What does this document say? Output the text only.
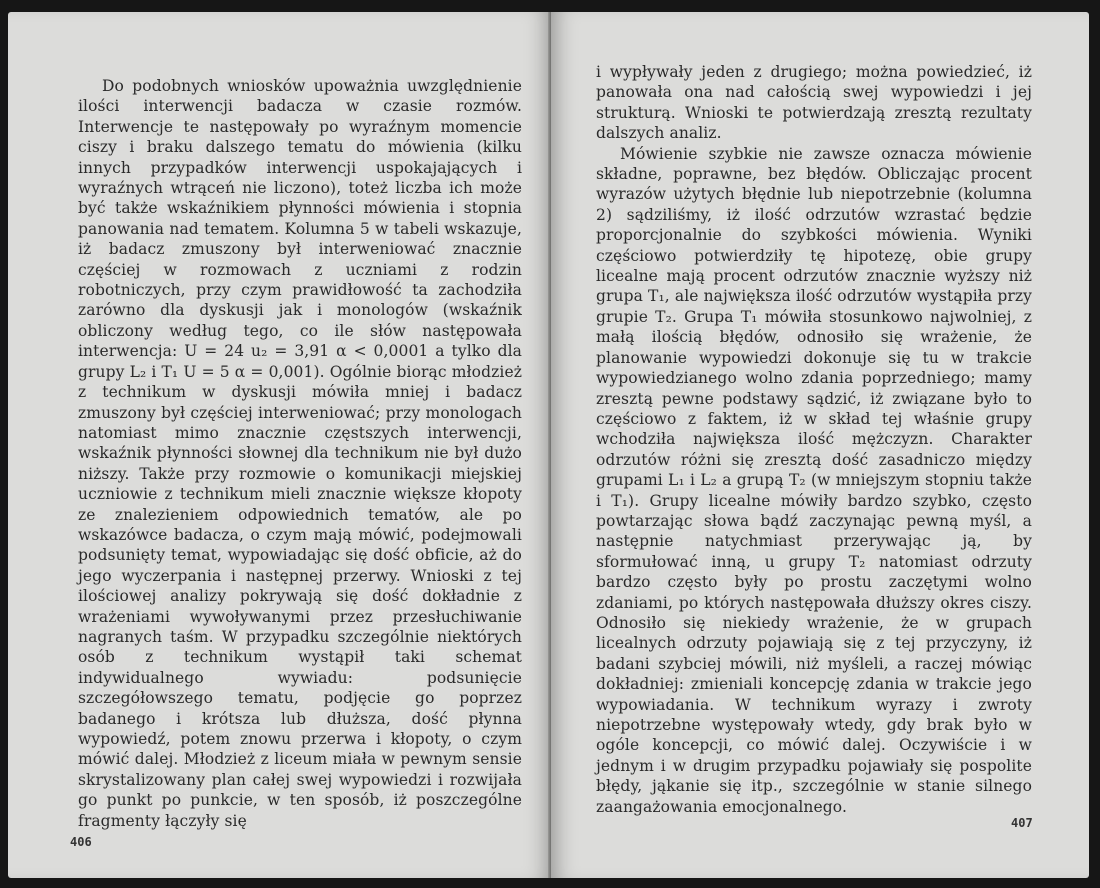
Do podobnych wniosków upoważnia uwzględnienie ilości interwencji badacza w czasie rozmów. Interwencje te następowały po wyraźnym momencie ciszy i braku dalszego tematu do mówienia (kilku innych przypadków interwencji uspokajających i wyraźnych wtrąceń nie liczono), toteż liczba ich może być także wskaźnikiem płynności mówienia i stopnia panowania nad tematem. Kolumna 5 w tabeli wskazuje, iż badacz zmuszony był interweniować znacznie częściej w rozmowach z uczniami z rodzin robotniczych, przy czym prawidłowość ta zachodziła zarówno dla dyskusji jak i monologów (wskaźnik obliczony według tego, co ile słów następowała interwencja: U = 24 u₂ = 3,91 α < 0,0001 a tylko dla grupy L₂ i T₁ U = 5 α = 0,001). Ogólnie biorąc młodzież z technikum w dyskusji mówiła mniej i badacz zmuszony był częściej interweniować; przy monologach natomiast mimo znacznie częstszych interwencji, wskaźnik płynności słownej dla technikum nie był dużo niższy. Także przy rozmowie o komunikacji miejskiej uczniowie z technikum mieli znacznie większe kłopoty ze znalezieniem odpowiednich tematów, ale po wskazówce badacza, o czym mają mówić, podejmowali podsunięty temat, wypowiadając się dość obficie, aż do jego wyczerpania i następnej przerwy. Wnioski z tej ilościowej analizy pokrywają się dość dokładnie z wrażeniami wywoływanymi przez przesłuchiwanie nagranych taśm. W przypadku szczególnie niektórych osób z technikum wystąpił taki schemat indywidualnego wywiadu: podsunięcie szczegółowszego tematu, podjęcie go poprzez badanego i krótsza lub dłuższa, dość płynna wypowiedź, potem znowu przerwa i kłopoty, o czym mówić dalej. Młodzież z liceum miała w pewnym sensie skrystalizowany plan całej swej wypowiedzi i rozwijała go punkt po punkcie, w ten sposób, iż poszczególne fragmenty łączyły się

406

i wypływały jeden z drugiego; można powiedzieć, iż panowała ona nad całością swej wypowiedzi i jej strukturą. Wnioski te potwierdzają zresztą rezultaty dalszych analiz.

Mówienie szybkie nie zawsze oznacza mówienie składne, poprawne, bez błędów. Obliczając procent wyrazów użytych błędnie lub niepotrzebnie (kolumna 2) sądziliśmy, iż ilość odrzutów wzrastać będzie proporcjonalnie do szybkości mówienia. Wyniki częściowo potwierdziły tę hipotezę, obie grupy licealne mają procent odrzutów znacznie wyższy niż grupa T₁, ale największa ilość odrzutów wystąpiła przy grupie T₂. Grupa T₁ mówiła stosunkowo najwolniej, z małą ilością błędów, odnosiło się wrażenie, że planowanie wypowiedzi dokonuje się tu w trakcie wypowiedzianego wolno zdania poprzedniego; mamy zresztą pewne podstawy sądzić, iż związane było to częściowo z faktem, iż w skład tej właśnie grupy wchodziła największa ilość mężczyzn. Charakter odrzutów różni się zresztą dość zasadniczo między grupami L₁ i L₂ a grupą T₂ (w mniejszym stopniu także i T₁). Grupy licealne mówiły bardzo szybko, często powtarzając słowa bądź zaczynając pewną myśl, a następnie natychmiast przerywając ją, by sformułować inną, u grupy T₂ natomiast odrzuty bardzo często były po prostu zaczętymi wolno zdaniami, po których następowała dłuższy okres ciszy. Odnosiło się niekiedy wrażenie, że w grupach licealnych odrzuty pojawiają się z tej przyczyny, iż badani szybciej mówili, niż myśleli, a raczej mówiąc dokładniej: zmieniali koncepcję zdania w trakcie jego wypowiadania. W technikum wyrazy i zwroty niepotrzebne występowały wtedy, gdy brak było w ogóle koncepcji, co mówić dalej. Oczywiście i w jednym i w drugim przypadku pojawiały się pospolite błędy, jąkanie się itp., szczególnie w stanie silnego zaangażowania emocjonalnego.

407
